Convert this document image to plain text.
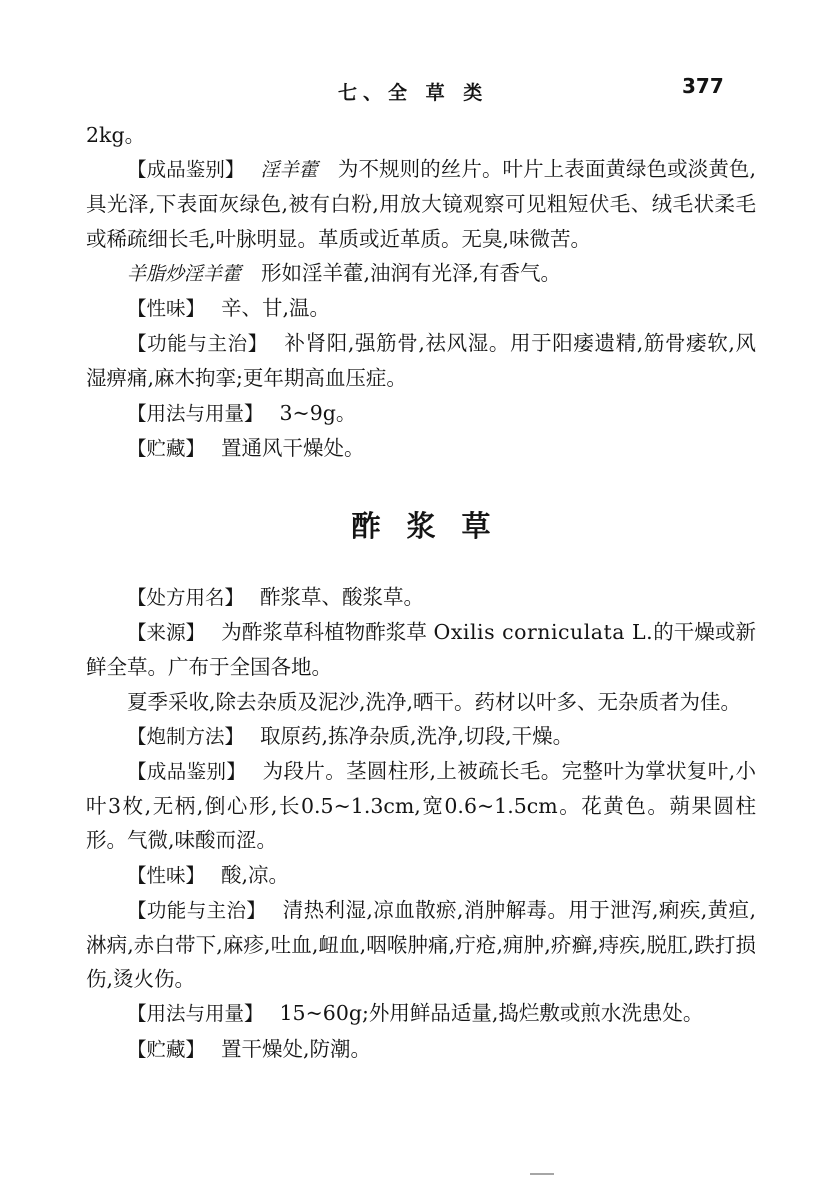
七、全 草 类	377

2kg。

【成品鉴别】 淫羊藿 为不规则的丝片。叶片上表面黄绿色或淡黄色,具光泽,下表面灰绿色,被有白粉,用放大镜观察可见粗短伏毛、绒毛状柔毛或稀疏细长毛,叶脉明显。革质或近革质。无臭,味微苦。

羊脂炒淫羊藿 形如淫羊藿,油润有光泽,有香气。

【性味】 辛、甘,温。

【功能与主治】 补肾阳,强筋骨,祛风湿。用于阳痿遗精,筋骨痿软,风湿痹痛,麻木拘挛;更年期高血压症。

【用法与用量】 3~9g。

【贮藏】 置通风干燥处。

酢浆草

【处方用名】 酢浆草、酸浆草。

【来源】 为酢浆草科植物酢浆草 Oxilis corniculata L.的干燥或新鲜全草。广布于全国各地。

夏季采收,除去杂质及泥沙,洗净,晒干。药材以叶多、无杂质者为佳。

【炮制方法】 取原药,拣净杂质,洗净,切段,干燥。

【成品鉴别】 为段片。茎圆柱形,上被疏长毛。完整叶为掌状复叶,小叶3枚,无柄,倒心形,长0.5~1.3cm,宽0.6~1.5cm。花黄色。蒴果圆柱形。气微,味酸而涩。

【性味】 酸,凉。

【功能与主治】 清热利湿,凉血散瘀,消肿解毒。用于泄泻,痢疾,黄疸,淋病,赤白带下,麻疹,吐血,衄血,咽喉肿痛,疔疮,痈肿,疥癣,痔疾,脱肛,跌打损伤,烫火伤。

【用法与用量】 15~60g;外用鲜品适量,捣烂敷或煎水洗患处。

【贮藏】 置干燥处,防潮。
